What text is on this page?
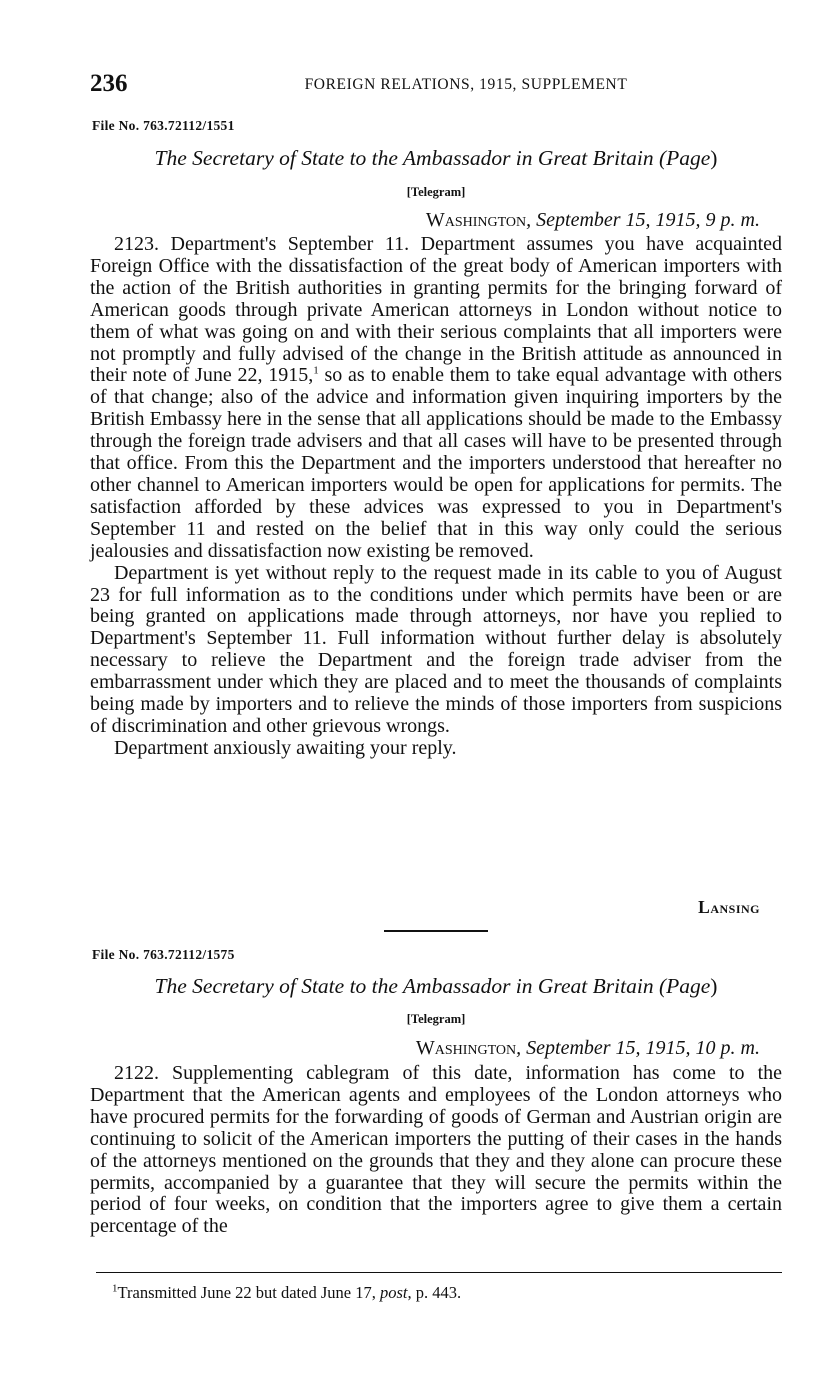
236	FOREIGN RELATIONS, 1915, SUPPLEMENT
File No. 763.72112/1551
The Secretary of State to the Ambassador in Great Britain (Page)
[Telegram]
Washington, September 15, 1915, 9 p. m.

2123. Department's September 11. Department assumes you have acquainted Foreign Office with the dissatisfaction of the great body of American importers with the action of the British authorities in granting permits for the bringing forward of American goods through private American attorneys in London without notice to them of what was going on and with their serious complaints that all importers were not promptly and fully advised of the change in the British attitude as announced in their note of June 22, 1915,$^1$ so as to enable them to take equal advantage with others of that change; also of the advice and information given inquiring importers by the British Embassy here in the sense that all applications should be made to the Embassy through the foreign trade advisers and that all cases will have to be presented through that office. From this the Department and the importers understood that hereafter no other channel to American importers would be open for applications for permits. The satisfaction afforded by these advices was expressed to you in Department's September 11 and rested on the belief that in this way only could the serious jealousies and dissatisfaction now existing be removed.

Department is yet without reply to the request made in its cable to you of August 23 for full information as to the conditions under which permits have been or are being granted on applications made through attorneys, nor have you replied to Department's September 11. Full information without further delay is absolutely necessary to relieve the Department and the foreign trade adviser from the embarrassment under which they are placed and to meet the thousands of complaints being made by importers and to relieve the minds of those importers from suspicions of discrimination and other grievous wrongs.

Department anxiously awaiting your reply.

Lansing
File No. 763.72112/1575
The Secretary of State to the Ambassador in Great Britain (Page)
[Telegram]
Washington, September 15, 1915, 10 p. m.

2122. Supplementing cablegram of this date, information has come to the Department that the American agents and employees of the London attorneys who have procured permits for the forwarding of goods of German and Austrian origin are continuing to solicit of the American importers the putting of their cases in the hands of the attorneys mentioned on the grounds that they and they alone can procure these permits, accompanied by a guarantee that they will secure the permits within the period of four weeks, on condition that the importers agree to give them a certain percentage of the

$^1$Transmitted June 22 but dated June 17, post, p. 443.
